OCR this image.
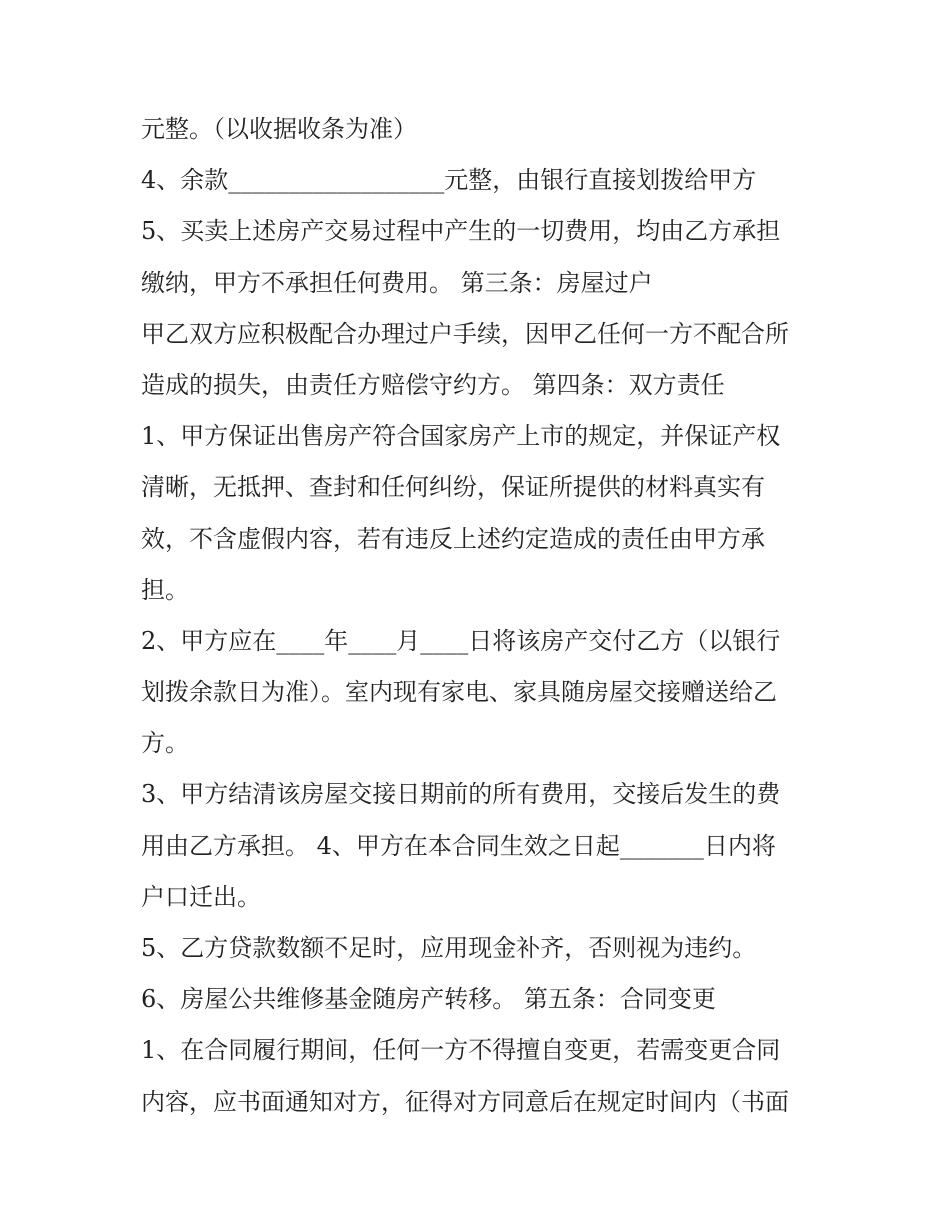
元整。（以收据收条为准）

4、余款__________________元整，由银行直接划拨给甲方

5、买卖上述房产交易过程中产生的一切费用，均由乙方承担

缴纳，甲方不承担任何费用。 第三条：房屋过户

甲乙双方应积极配合办理过户手续，因甲乙任何一方不配合所

造成的损失，由责任方赔偿守约方。 第四条：双方责任

1、甲方保证出售房产符合国家房产上市的规定，并保证产权

清晰，无抵押、查封和任何纠纷，保证所提供的材料真实有

效，不含虚假内容，若有违反上述约定造成的责任由甲方承

担。

2、甲方应在____年____月____日将该房产交付乙方（以银行

划拨余款日为准）。室内现有家电、家具随房屋交接赠送给乙

方。

3、甲方结清该房屋交接日期前的所有费用，交接后发生的费

用由乙方承担。 4、甲方在本合同生效之日起_______日内将

户口迁出。

5、乙方贷款数额不足时，应用现金补齐，否则视为违约。

6、房屋公共维修基金随房产转移。 第五条：合同变更

1、在合同履行期间，任何一方不得擅自变更，若需变更合同

内容，应书面通知对方，征得对方同意后在规定时间内（书面
